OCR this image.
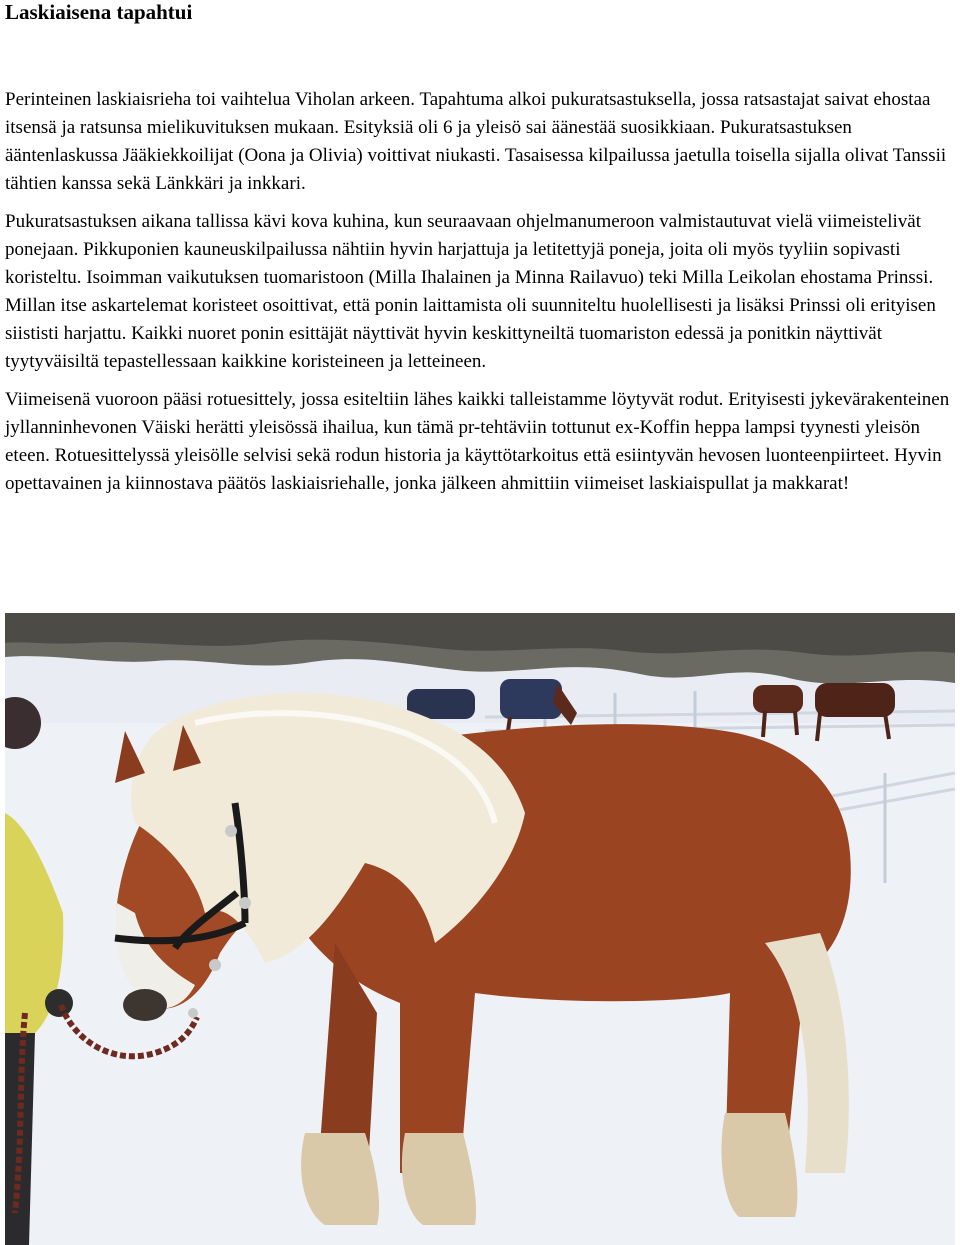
Laskiaisena tapahtui

Perinteinen laskiaisrieha toi vaihtelua Viholan arkeen. Tapahtuma alkoi pukuratsastuksella, jossa ratsastajat saivat ehostaa itsensä ja ratsunsa mielikuvituksen mukaan. Esityksiä oli 6 ja yleisö sai äänestää suosikkiaan. Pukuratsastuksen ääntenlaskussa Jääkiekkoilijat (Oona ja Olivia) voittivat niukasti. Tasaisessa kilpailussa jaetulla toisella sijalla olivat Tanssii tähtien kanssa sekä Länkkäri ja inkkari.

Pukuratsastuksen aikana tallissa kävi kova kuhina, kun seuraavaan ohjelmanumeroon valmistautuvat vielä viimeistelivät ponejaan. Pikkuponien kauneuskilpailussa nähtiin hyvin harjattuja ja letitettyjä poneja, joita oli myös tyyliin sopivasti koristeltu. Isoimman vaikutuksen tuomaristoon (Milla Ihalainen ja Minna Railavuo) teki Milla Leikolan ehostama Prinssi. Millan itse askartelemat koristeet osoittivat, että ponin laittamista oli suunniteltu huolellisesti ja lisäksi Prinssi oli erityisen siististi harjattu. Kaikki nuoret ponin esittäjät näyttivät hyvin keskittyneiltä tuomariston edessä ja ponitkin näyttivät tyytyväisiltä tepastellessaan kaikkine koristeineen ja letteineen.

Viimeisenä vuoroon pääsi rotuesittely, jossa esiteltiin lähes kaikki talleistamme löytyvät rodut. Erityisesti jykevärakenteinen jyllanninhevonen Väiski herätti yleisössä ihailua, kun tämä pr-tehtäviin tottunut ex-Koffin heppa lampsi tyynesti yleisön eteen. Rotuesittelyssä yleisölle selvisi sekä rodun historia ja käyttötarkoitus että esiintyvän hevosen luonteenpiirteet. Hyvin opettavainen ja kiinnostava päätös laskiaisriehalle, jonka jälkeen ahmittiin viimeiset laskiaispullat ja makkarat!
